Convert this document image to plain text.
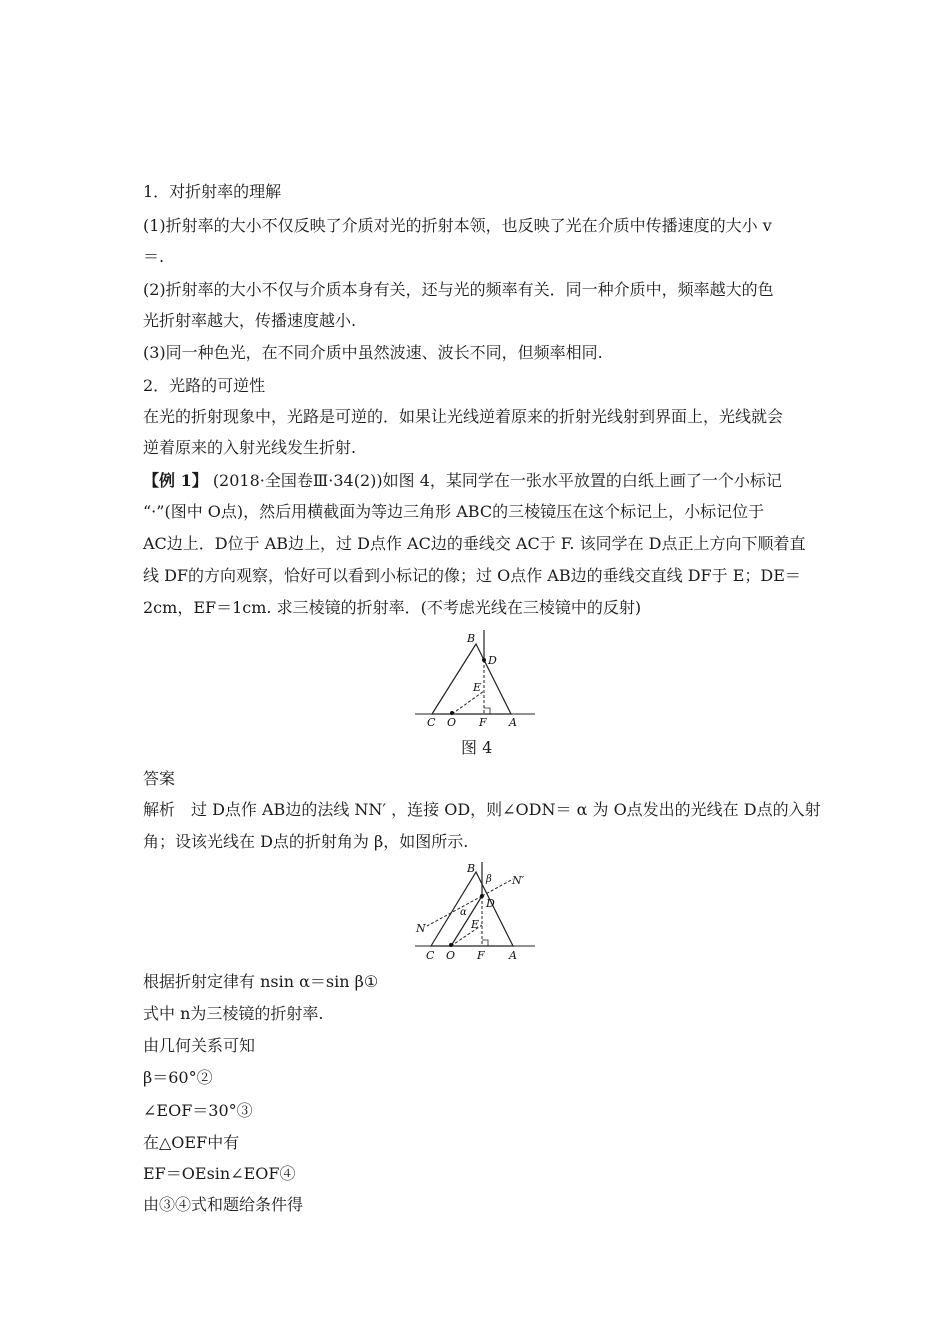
1．对折射率的理解
(1)折射率的大小不仅反映了介质对光的折射本领，也反映了光在介质中传播速度的大小 v
＝.
(2)折射率的大小不仅与介质本身有关，还与光的频率有关．同一种介质中，频率越大的色
光折射率越大，传播速度越小.
(3)同一种色光，在不同介质中虽然波速、波长不同，但频率相同.
2．光路的可逆性
在光的折射现象中，光路是可逆的．如果让光线逆着原来的折射光线射到界面上，光线就会
逆着原来的入射光线发生折射.
【例 1】 (2018·全国卷Ⅲ·34(2))如图 4，某同学在一张水平放置的白纸上画了一个小标记
“·”(图中 O点)，然后用横截面为等边三角形 ABC的三棱镜压在这个标记上，小标记位于
AC边上．D位于 AB边上，过 D点作 AC边的垂线交 AC于 F. 该同学在 D点正上方向下顺着直
线 DF的方向观察，恰好可以看到小标记的像；过 O点作 AB边的垂线交直线 DF于 E；DE＝
2cm，EF＝1cm. 求三棱镜的折射率．(不考虑光线在三棱镜中的反射)
B
D
E
C O F A
图 4
答案
解析　过 D点作 AB边的法线 NN′ ，连接 OD，则∠ODN＝ α 为 O点发出的光线在 D点的入射
角；设该光线在 D点的折射角为 β，如图所示.
B
β N′
α
D
E
N
C O F A
根据折射定律有 nsin α＝sin β①
式中 n为三棱镜的折射率.
由几何关系可知
β＝60°②
∠EOF＝30°③
在△OEF中有
EF＝OEsin∠EOF④
由③④式和题给条件得
